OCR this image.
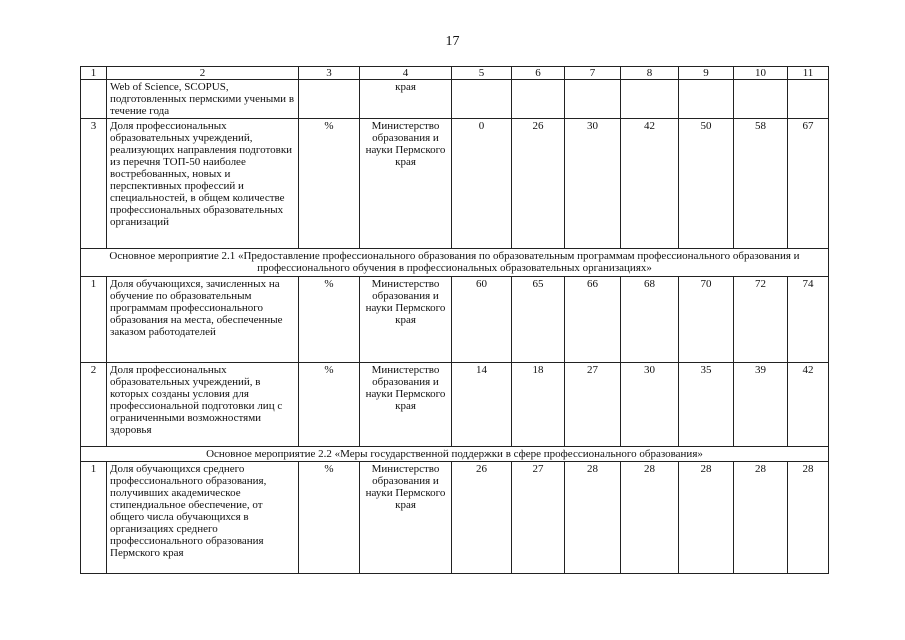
17
1	2	3	4	5	6	7	8	9	10	11
	Web of Science, SCOPUS, подготовленных пермскими учеными в течение года		края							
3	Доля профессиональных образовательных учреждений, реализующих направления подготовки из перечня ТОП-50 наиболее востребованных, новых и перспективных профессий и специальностей, в общем количестве профессиональных образовательных организаций	%	Министерство образования и науки Пермского края	0	26	30	42	50	58	67
Основное мероприятие 2.1 «Предоставление профессионального образования по образовательным программам профессионального образования и профессионального обучения в профессиональных образовательных организациях»										
1	Доля обучающихся, зачисленных на обучение по образовательным программам профессионального образования на места, обеспеченные заказом работодателей	%	Министерство образования и науки Пермского края	60	65	66	68	70	72	74
2	Доля профессиональных образовательных учреждений, в которых созданы условия для профессиональной подготовки лиц с ограниченными возможностями здоровья	%	Министерство образования и науки Пермского края	14	18	27	30	35	39	42
Основное мероприятие 2.2 «Меры государственной поддержки в сфере профессионального образования»										
1	Доля обучающихся среднего профессионального образования, получивших академическое стипендиальное обеспечение, от общего числа обучающихся в организациях среднего профессионального образования Пермского края	%	Министерство образования и науки Пермского края	26	27	28	28	28	28	28
